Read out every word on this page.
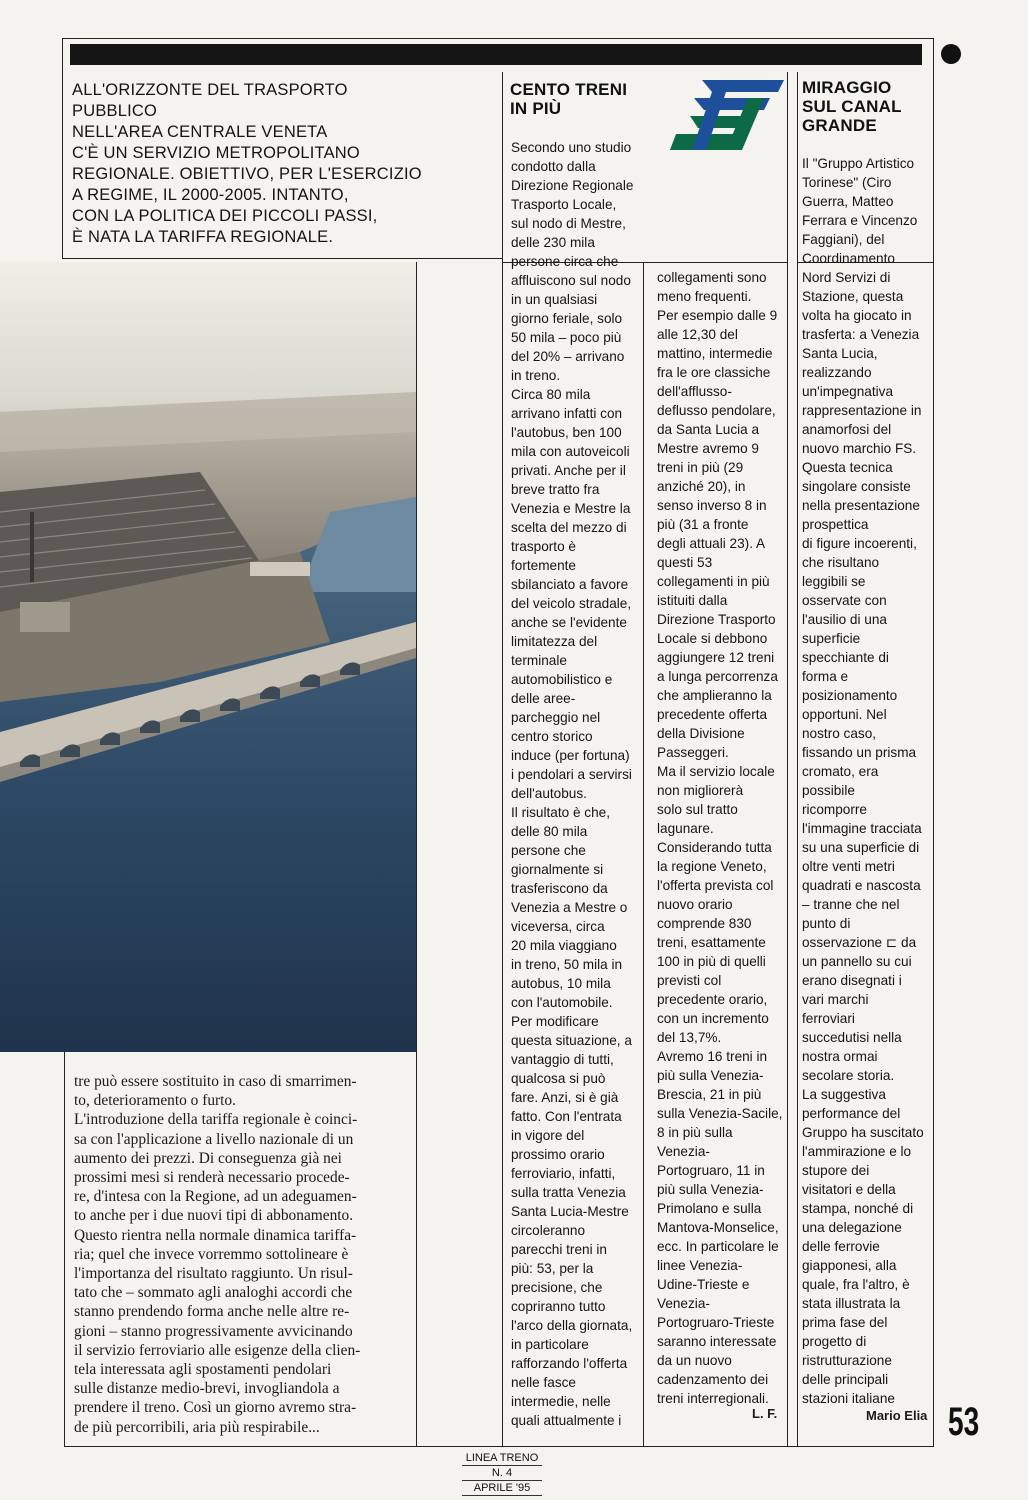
ALL'ORIZZONTE DEL TRASPORTO PUBBLICO

NELL'AREA CENTRALE VENETA

C'È UN SERVIZIO METROPOLITANO

REGIONALE. OBIETTIVO, PER L'ESERCIZIO

A REGIME, IL 2000-2005. INTANTO,

CON LA POLITICA DEI PICCOLI PASSI,

È NATA LA TARIFFA REGIONALE.

tre può essere sostituito in caso di smarrimen-

to, deterioramento o furto.

L'introduzione della tariffa regionale è coinci-

sa con l'applicazione a livello nazionale di un

aumento dei prezzi. Di conseguenza già nei

prossimi mesi si renderà necessario procede-

re, d'intesa con la Regione, ad un adeguamen-

to anche per i due nuovi tipi di abbonamento.

Questo rientra nella normale dinamica tariffa-

ria; quel che invece vorremmo sottolineare è

l'importanza del risultato raggiunto. Un risul-

tato che – sommato agli analoghi accordi che

stanno prendendo forma anche nelle altre re-

gioni – stanno progressivamente avvicinando

il servizio ferroviario alle esigenze della clien-

tela interessata agli spostamenti pendolari

sulle distanze medio-brevi, invogliandola a

prendere il treno. Così un giorno avremo stra-

de più percorribili, aria più respirabile...

CENTO TRENI
IN PIÙ

Secondo uno studio

condotto dalla

Direzione Regionale

Trasporto Locale,

sul nodo di Mestre,

delle 230 mila

persone circa che

affluiscono sul nodo

in un qualsiasi

giorno feriale, solo

50 mila – poco più

del 20% – arrivano

in treno.

Circa 80 mila

arrivano infatti con

l'autobus, ben 100

mila con autoveicoli

privati. Anche per il

breve tratto fra

Venezia e Mestre la

scelta del mezzo di

trasporto è

fortemente

sbilanciato a favore

del veicolo stradale,

anche se l'evidente

limitatezza del

terminale

automobilistico e

delle aree-

parcheggio nel

centro storico

induce (per fortuna)

i pendolari a servirsi

dell'autobus.

Il risultato è che,

delle 80 mila

persone che

giornalmente si

trasferiscono da

Venezia a Mestre o

viceversa, circa

20 mila viaggiano

in treno, 50 mila in

autobus, 10 mila

con l'automobile.

Per modificare

questa situazione, a

vantaggio di tutti,

qualcosa si può

fare. Anzi, si è già

fatto. Con l'entrata

in vigore del

prossimo orario

ferroviario, infatti,

sulla tratta Venezia

Santa Lucia-Mestre

circoleranno

parecchi treni in

più: 53, per la

precisione, che

copriranno tutto

l'arco della giornata,

in particolare

rafforzando l'offerta

nelle fasce

intermedie, nelle

quali attualmente i

collegamenti sono

meno frequenti.

Per esempio dalle 9

alle 12,30 del

mattino, intermedie

fra le ore classiche

dell'afflusso-

deflusso pendolare,

da Santa Lucia a

Mestre avremo 9

treni in più (29

anziché 20), in

senso inverso 8 in

più (31 a fronte

degli attuali 23). A

questi 53

collegamenti in più

istituiti dalla

Direzione Trasporto

Locale si debbono

aggiungere 12 treni

a lunga percorrenza

che amplieranno la

precedente offerta

della Divisione

Passeggeri.

Ma il servizio locale

non migliorerà

solo sul tratto

lagunare.

Considerando tutta

la regione Veneto,

l'offerta prevista col

nuovo orario

comprende 830

treni, esattamente

100 in più di quelli

previsti col

precedente orario,

con un incremento

del 13,7%.

Avremo 16 treni in

più sulla Venezia-

Brescia, 21 in più

sulla Venezia-Sacile,

8 in più sulla

Venezia-

Portogruaro, 11 in

più sulla Venezia-

Primolano e sulla

Mantova-Monselice,

ecc. In particolare le

linee Venezia-

Udine-Trieste e

Venezia-

Portogruaro-Trieste

saranno interessate

da un nuovo

cadenzamento dei

treni interregionali.

L. F.
MIRAGGIO
SUL CANAL
GRANDE

Il "Gruppo Artistico

Torinese" (Ciro

Guerra, Matteo

Ferrara e Vincenzo

Faggiani), del

Coordinamento

Nord Servizi di

Stazione, questa

volta ha giocato in

trasferta: a Venezia

Santa Lucia,

realizzando

un'impegnativa

rappresentazione in

anamorfosi del

nuovo marchio FS.

Questa tecnica

singolare consiste

nella presentazione

prospettica

di figure incoerenti,

che risultano

leggibili se

osservate con

l'ausilio di una

superficie

specchiante di

forma e

posizionamento

opportuni. Nel

nostro caso,

fissando un prisma

cromato, era

possibile

ricomporre

l'immagine tracciata

su una superficie di

oltre venti metri

quadrati e nascosta

– tranne che nel

punto di

osservazione ⊏ da

un pannello su cui

erano disegnati i

vari marchi

ferroviari

succedutisi nella

nostra ormai

secolare storia.

La suggestiva

performance del

Gruppo ha suscitato

l'ammirazione e lo

stupore dei

visitatori e della

stampa, nonché di

una delegazione

delle ferrovie

giapponesi, alla

quale, fra l'altro, è

stata illustrata la

prima fase del

progetto di

ristrutturazione

delle principali

stazioni italiane

Mario Elia 53
LINEA TRENO
N. 4
APRILE '95
